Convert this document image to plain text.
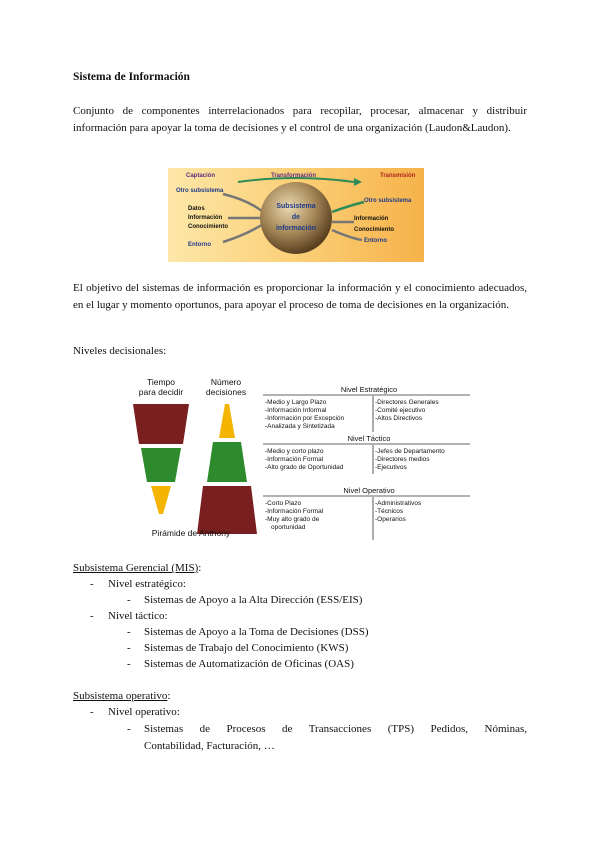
Sistema de Información
Conjunto de componentes interrelacionados para recopilar, procesar, almacenar y distribuir información para apoyar la toma de decisiones y el control de una organización (Laudon&Laudon).
Captación	Transformación	Transmisión
Otro subsistema
Datos
Información
Conocimiento
Entorno
Subsistema
de
información
Otro subsistema
Información
Conocimiento
Entorno
El objetivo del sistemas de información es proporcionar la información y el conocimiento adecuados, en el lugar y momento oportunos, para apoyar el proceso de toma de decisiones en la organización.
Niveles decisionales:
Tiempo
para decidir
Número
decisiones
Pirámide de Anthony
Nivel Estratégico
-Medio y Largo Plazo
-Información Informal
-Información por Excepción
-Analizada y Sintetizada
-Directores Generales
-Comité ejecutivo
-Altos Directivos
Nivel Táctico
-Medio y corto plazo
-Información Formal
-Alto grado de Oportunidad
-Jefes de Departamento
-Directores medios
-Ejecutivos
Nivel Operativo
-Corto Plazo
-Información Formal
-Muy alto grado de
oportunidad
-Administrativos
-Técnicos
-Operarios
Subsistema Gerencial (MIS):
- Nivel estratégico:
- Sistemas de Apoyo a la Alta Dirección (ESS/EIS)
- Nivel táctico:
- Sistemas de Apoyo a la Toma de Decisiones (DSS)
- Sistemas de Trabajo del Conocimiento (KWS)
- Sistemas de Automatización de Oficinas (OAS)
Subsistema operativo:
- Nivel operativo:
- Sistemas de Procesos de Transacciones (TPS) Pedidos, Nóminas,
Contabilidad, Facturación, …
